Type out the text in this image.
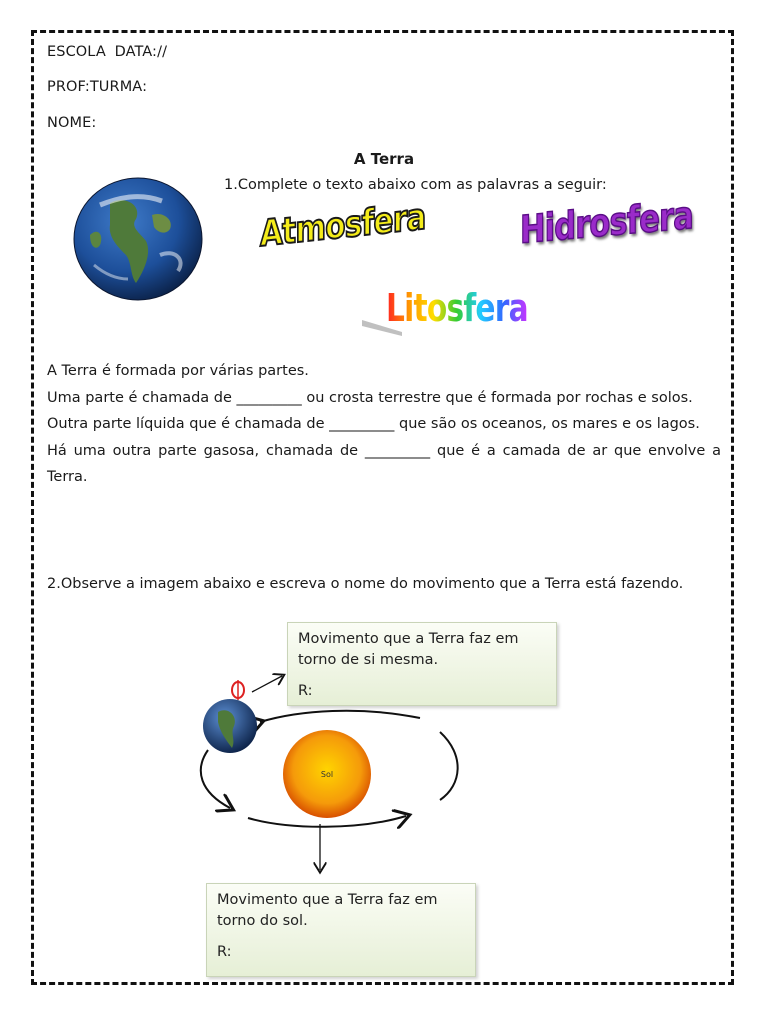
ESCOLA DATA://
PROF:TURMA:
NOME:
A Terra
1.Complete o texto abaixo com as palavras a seguir:
Atmosfera Hidrosfera
Litosfera

A Terra é formada por várias partes.

Uma parte é chamada de _________ ou crosta terrestre que é formada por rochas e solos.

Outra parte líquida que é chamada de _________ que são os oceanos, os mares e os lagos.

Há uma outra parte gasosa, chamada de _________ que é a camada de ar que envolve a Terra.

2.Observe a imagem abaixo e escreva o nome do movimento que a Terra está fazendo.

Sol
Movimento que a Terra faz em torno de si mesma.
R:
Movimento que a Terra faz em torno do sol.
R:
